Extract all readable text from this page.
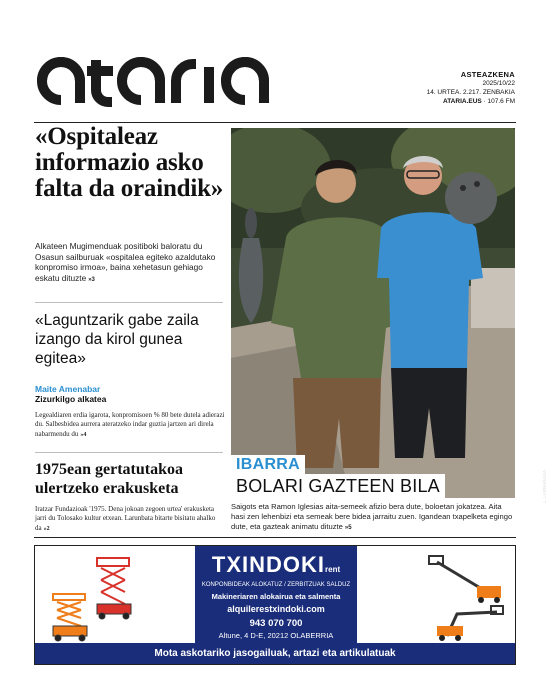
ASTEAZKENA
2025/10/22
14. URTEA. 2.217. ZENBAKIA
ATARIA.EUS · 107.6 FM
«Ospitaleaz informazio asko falta da oraindik»

Alkateen Mugimenduak positiboki baloratu du Osasun sailburuak «ospitalea egiteko azaldutako konpromiso irmoa», baina xehetasun gehiago eskatu dituzte »3

«Laguntzarik gabe zaila izango da kirol gunea egitea»
Maite Amenabar
Zizurkilgo alkatea

Legealdiaren erdia igarota, konpromisoen % 80 bete dutela adierazi du. Salbesbidea aurrera ateratzeko indar guztia jartzen ari direla nabarmendu du »4

1975ean gertatutakoa ulertzeko erakusketa

Iratzar Fundazioak '1975. Dena jokoan zegoen urtea' erakusketa jarri du Tolosako kultur etxean. Larunbata bitarte bisitatu ahalko da »2

L. LARRAÑAGA
IBARRA
BOLARI GAZTEEN BILA

Saigots eta Ramon Iglesias aita-semeek afizio bera dute, boloetan jokatzea. Aita hasi zen lehenbizi eta semeak bere bidea jarraitu zuen. Igandean txapelketa egingo dute, eta gazteak animatu dituzte »5

TXINDOKIrent
KONPONBIDEAK ALOKATUZ / ZERBITZUAK SALDUZ
Makineriaren alokairua eta salmenta
alquilerestxindoki.com
943 070 700
Altune, 4 D-E, 20212 OLABERRIA
Mota askotariko jasogailuak, artazi eta artikulatuak
